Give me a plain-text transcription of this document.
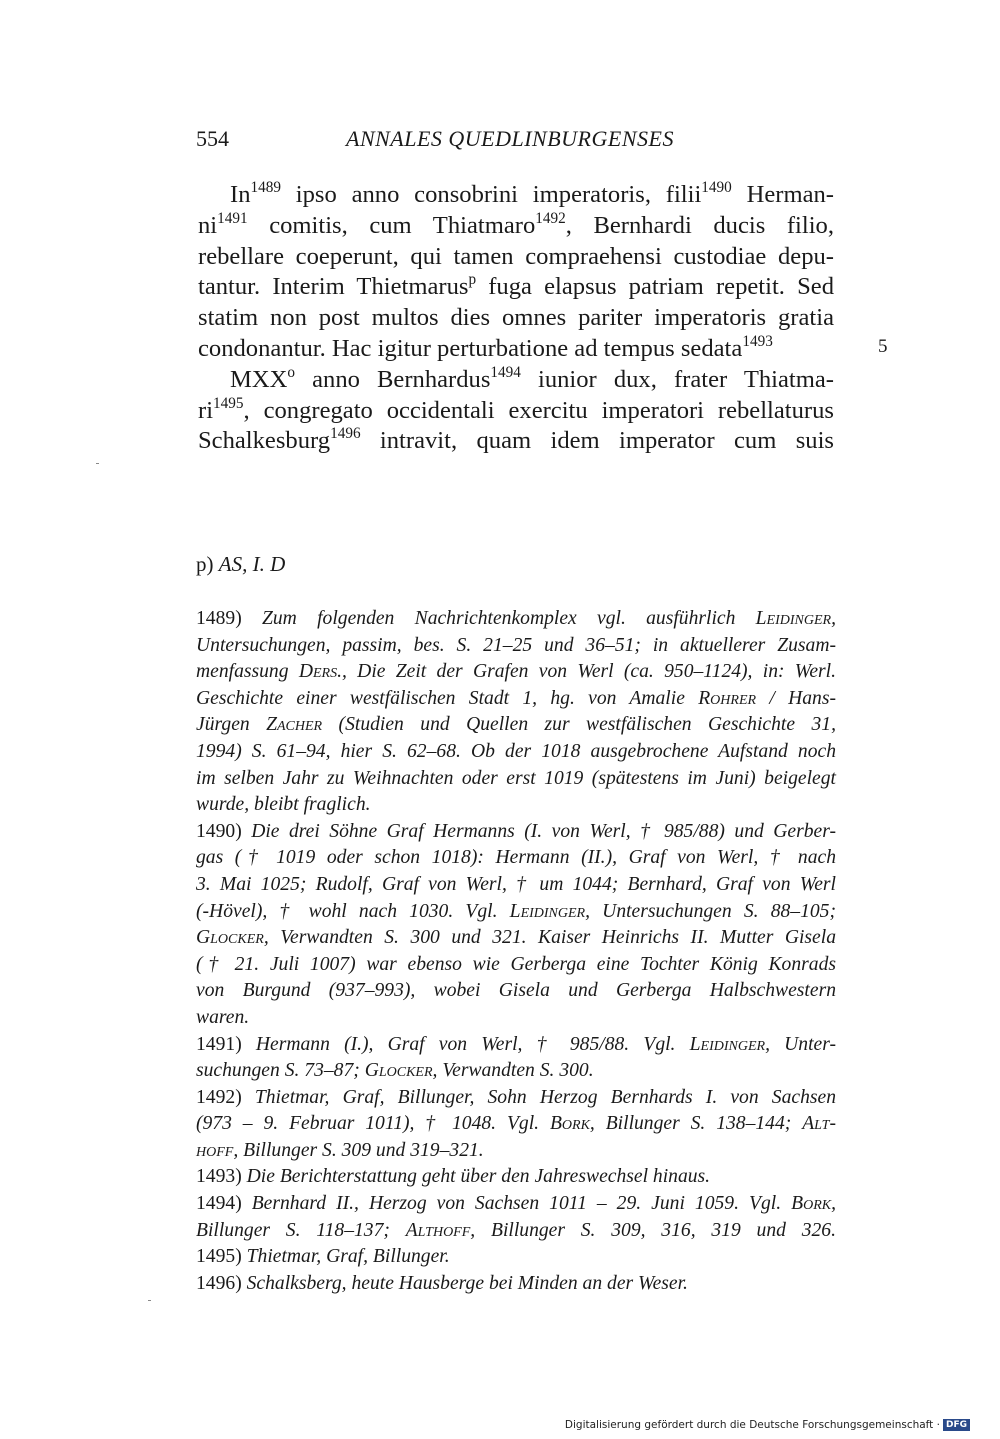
554	ANNALES QUEDLINBURGENSES
$In^{1489}$ ipso anno consobrini imperatoris, filii$^{1490}$ Herman-
$ni^{1491}$ comitis, cum Thiatmaro$^{1492}$, Bernhardi ducis filio,
rebellare coeperunt, qui tamen compraehensi custodiae depu-
tantur. Interim Thietmarus$^p$ fuga elapsus patriam repetit. Sed
statim non post multos dies omnes pariter imperatoris gratia
condonantur. Hac igitur perturbatione ad tempus sedata$^{1493}$
MXX$^o$ anno Bernhardus$^{1494}$ iunior dux, frater Thiatma-
$ri^{1495}$, congregato occidentali exercitu imperatori rebellaturus
Schalkesburg$^{1496}$ intravit, quam idem imperator cum suis
5
p) AS, I. D
1489) Zum folgenden Nachrichtenkomplex vgl. ausführlich Leidinger,
Untersuchungen, passim, bes. S. 21–25 und 36–51; in aktuellerer Zusam-
menfassung Ders., Die Zeit der Grafen von Werl (ca. 950–1124), in: Werl.
Geschichte einer westfälischen Stadt 1, hg. von Amalie Rohrer / Hans-
Jürgen Zacher (Studien und Quellen zur westfälischen Geschichte 31,
1994) S. 61–94, hier S. 62–68. Ob der 1018 ausgebrochene Aufstand noch
im selben Jahr zu Weihnachten oder erst 1019 (spätestens im Juni) beigelegt
wurde, bleibt fraglich.
1490) Die drei Söhne Graf Hermanns (I. von Werl, † 985/88) und Gerber-
gas († 1019 oder schon 1018): Hermann (II.), Graf von Werl, † nach
3. Mai 1025; Rudolf, Graf von Werl, † um 1044; Bernhard, Graf von Werl
(-Hövel), † wohl nach 1030. Vgl. Leidinger, Untersuchungen S. 88–105;
Glocker, Verwandten S. 300 und 321. Kaiser Heinrichs II. Mutter Gisela
(† 21. Juli 1007) war ebenso wie Gerberga eine Tochter König Konrads
von Burgund (937–993), wobei Gisela und Gerberga Halbschwestern
waren.
1491) Hermann (I.), Graf von Werl, † 985/88. Vgl. Leidinger, Unter-
suchungen S. 73–87; Glocker, Verwandten S. 300.
1492) Thietmar, Graf, Billunger, Sohn Herzog Bernhards I. von Sachsen
(973 – 9. Februar 1011), † 1048. Vgl. Bork, Billunger S. 138–144; Alt-
hoff, Billunger S. 309 und 319–321.
1493) Die Berichterstattung geht über den Jahreswechsel hinaus.
1494) Bernhard II., Herzog von Sachsen 1011 – 29. Juni 1059. Vgl. Bork,
Billunger S. 118–137; Althoff, Billunger S. 309, 316, 319 und 326.
1495) Thietmar, Graf, Billunger.
1496) Schalksberg, heute Hausberge bei Minden an der Weser.
Digitalisierung gefördert durch die Deutsche Forschungsgemeinschaft · DFG
